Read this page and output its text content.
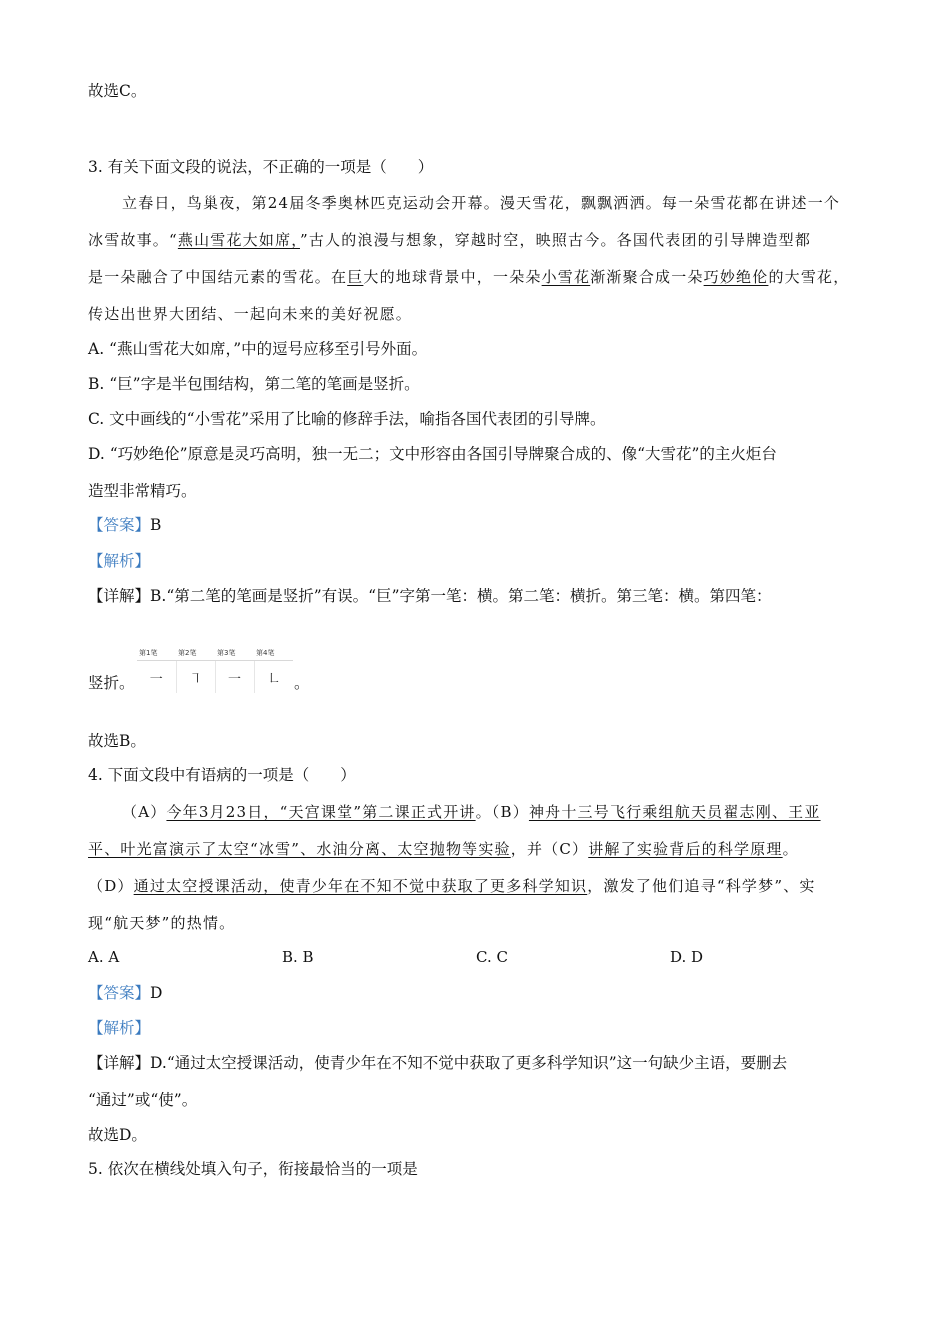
故选C。
3. 有关下面文段的说法，不正确的一项是（　　）
立春日，鸟巢夜，第24届冬季奥林匹克运动会开幕。漫天雪花，飘飘洒洒。每一朵雪花都在讲述一个
冰雪故事。“燕山雪花大如席，”古人的浪漫与想象，穿越时空，映照古今。各国代表团的引导牌造型都
是一朵融合了中国结元素的雪花。在巨大的地球背景中，一朵朵小雪花渐渐聚合成一朵巧妙绝伦的大雪花，
传达出世界大团结、一起向未来的美好祝愿。
A. “燕山雪花大如席，”中的逗号应移至引号外面。
B. “巨”字是半包围结构，第二笔的笔画是竖折。
C. 文中画线的“小雪花”采用了比喻的修辞手法，喻指各国代表团的引导牌。
D. “巧妙绝伦”原意是灵巧高明，独一无二；文中形容由各国引导牌聚合成的、像“大雪花”的主火炬台
造型非常精巧。
【答案】B
【解析】
【详解】B.“第二笔的笔画是竖折”有误。“巨”字第一笔：横。第二笔：横折。第三笔：横。第四笔：
竖折。
第1笔	第2笔	第3笔	第4笔
一	㇕	一	㇗ 。
故选B。
4. 下面文段中有语病的一项是（　　）
（A）今年3月23日，“天宫课堂”第二课正式开讲。（B）神舟十三号飞行乘组航天员翟志刚、王亚
平、叶光富演示了太空“冰雪”、水油分离、太空抛物等实验，并（C）讲解了实验背后的科学原理。
（D）通过太空授课活动，使青少年在不知不觉中获取了更多科学知识，激发了他们追寻“科学梦”、实
现“航天梦”的热情。
A. A	B. B	C. C	D. D
【答案】D
【解析】
【详解】D.“通过太空授课活动，使青少年在不知不觉中获取了更多科学知识”这一句缺少主语，要删去
“通过”或“使”。
故选D。
5. 依次在横线处填入句子，衔接最恰当的一项是
